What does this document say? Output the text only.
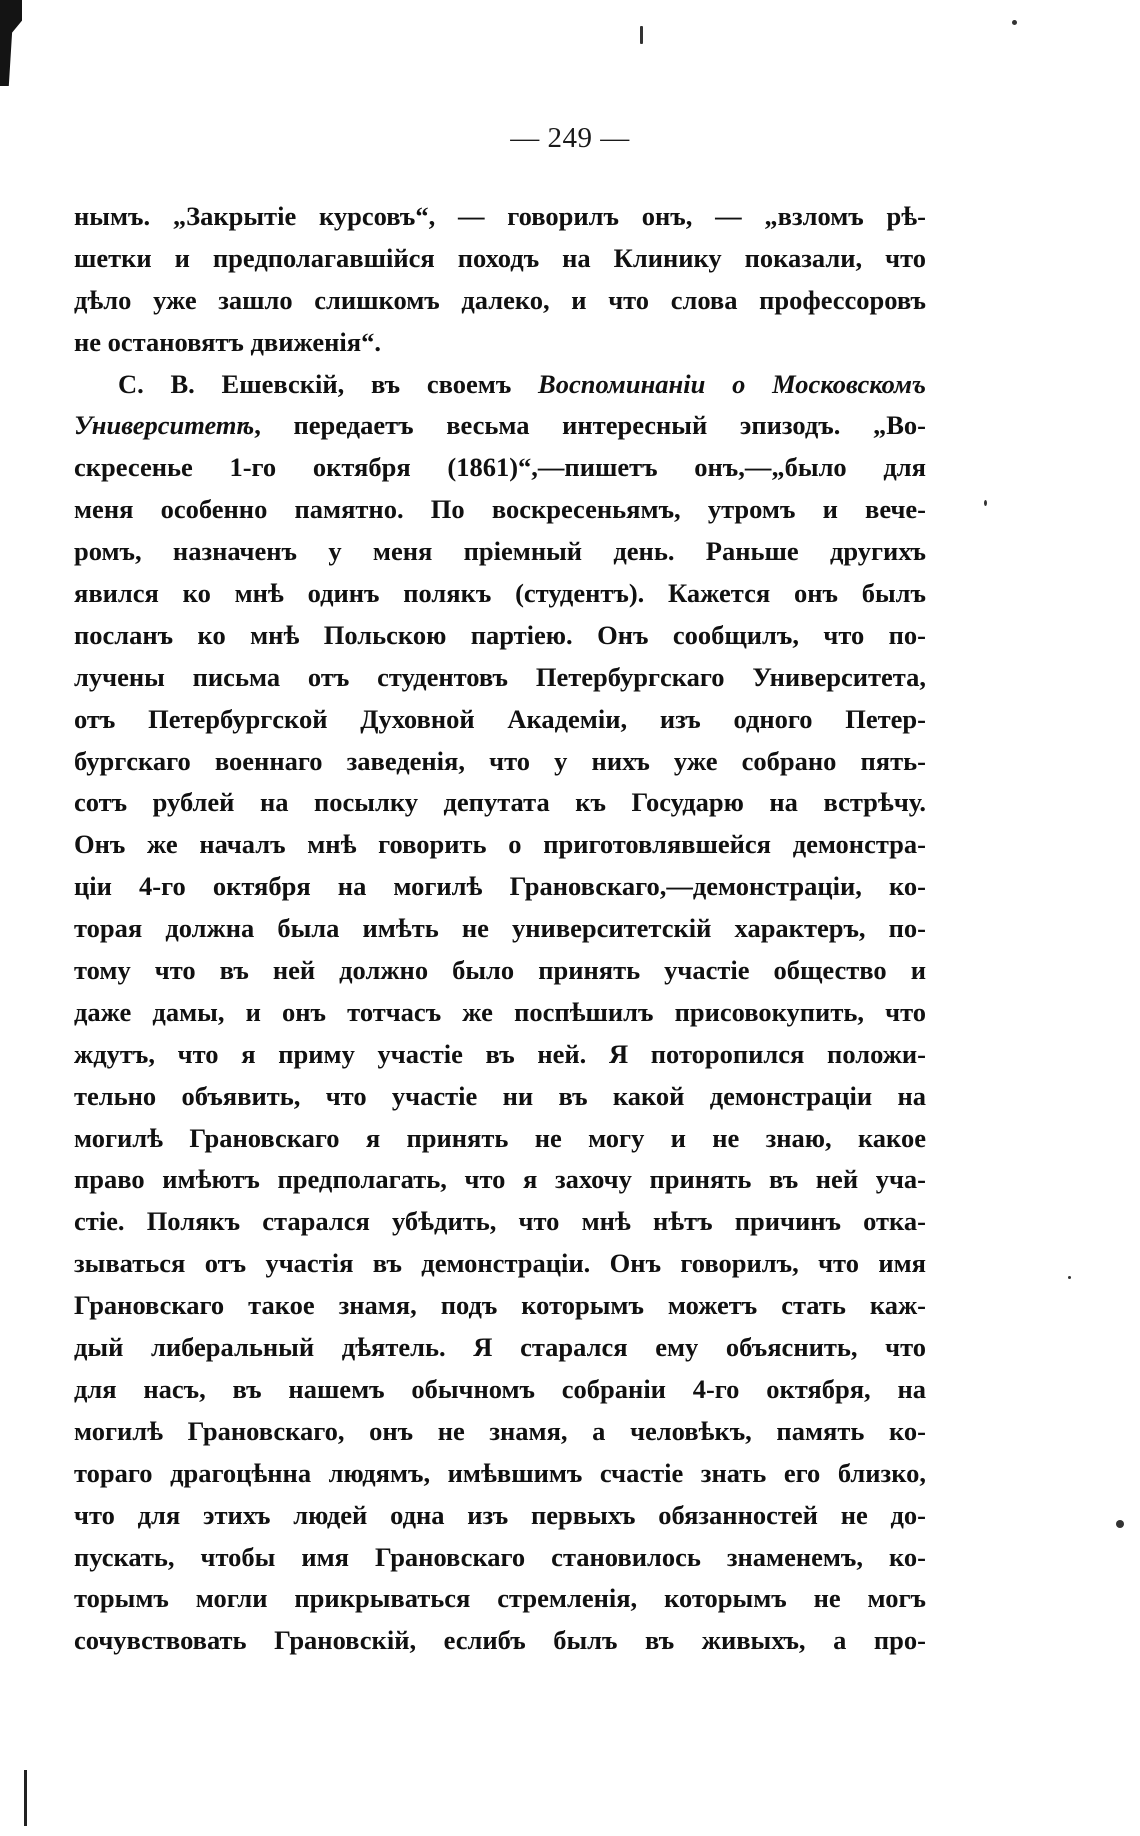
— 249 —
нымъ. „Закрытіе курсовъ“, — говорилъ онъ, — „взломъ рѣ-
шетки и предполагавшійся походъ на Клинику показали, что
дѣло уже зашло слишкомъ далеко, и что слова профессоровъ
не остановятъ движенія“.
С. В. Ешевскій, въ своемъ Воспоминаніи о Московскомъ
Университетѣ, передаетъ весьма интересный эпизодъ. „Во-
скресенье 1-го октября (1861)“,—пишетъ онъ,—„было для
меня особенно памятно. По воскресеньямъ, утромъ и вече-
ромъ, назначенъ у меня пріемный день. Раньше другихъ
явился ко мнѣ одинъ полякъ (студентъ). Кажется онъ былъ
посланъ ко мнѣ Польскою партіею. Онъ сообщилъ, что по-
лучены письма отъ студентовъ Петербургскаго Университета,
отъ Петербургской Духовной Академіи, изъ одного Петер-
бургскаго военнаго заведенія, что у нихъ уже собрано пять-
сотъ рублей на посылку депутата къ Государю на встрѣчу.
Онъ же началъ мнѣ говорить о приготовлявшейся демонстра-
ціи 4-го октября на могилѣ Грановскаго,—демонстраціи, ко-
торая должна была имѣть не университетскій характеръ, по-
тому что въ ней должно было принять участіе общество и
даже дамы, и онъ тотчасъ же поспѣшилъ присовокупить, что
ждутъ, что я приму участіе въ ней. Я поторопился положи-
тельно объявить, что участіе ни въ какой демонстраціи на
могилѣ Грановскаго я принять не могу и не знаю, какое
право имѣютъ предполагать, что я захочу принять въ ней уча-
стіе. Полякъ старался убѣдить, что мнѣ нѣтъ причинъ отка-
зываться отъ участія въ демонстраціи. Онъ говорилъ, что имя
Грановскаго такое знамя, подъ которымъ можетъ стать каж-
дый либеральный дѣятель. Я старался ему объяснить, что
для насъ, въ нашемъ обычномъ собраніи 4-го октября, на
могилѣ Грановскаго, онъ не знамя, а человѣкъ, память ко-
тораго драгоцѣнна людямъ, имѣвшимъ счастіе знать его близко,
что для этихъ людей одна изъ первыхъ обязанностей не до-
пускать, чтобы имя Грановскаго становилось знаменемъ, ко-
торымъ могли прикрываться стремленія, которымъ не могъ
сочувствовать Грановскій, еслибъ былъ въ живыхъ, а про-
